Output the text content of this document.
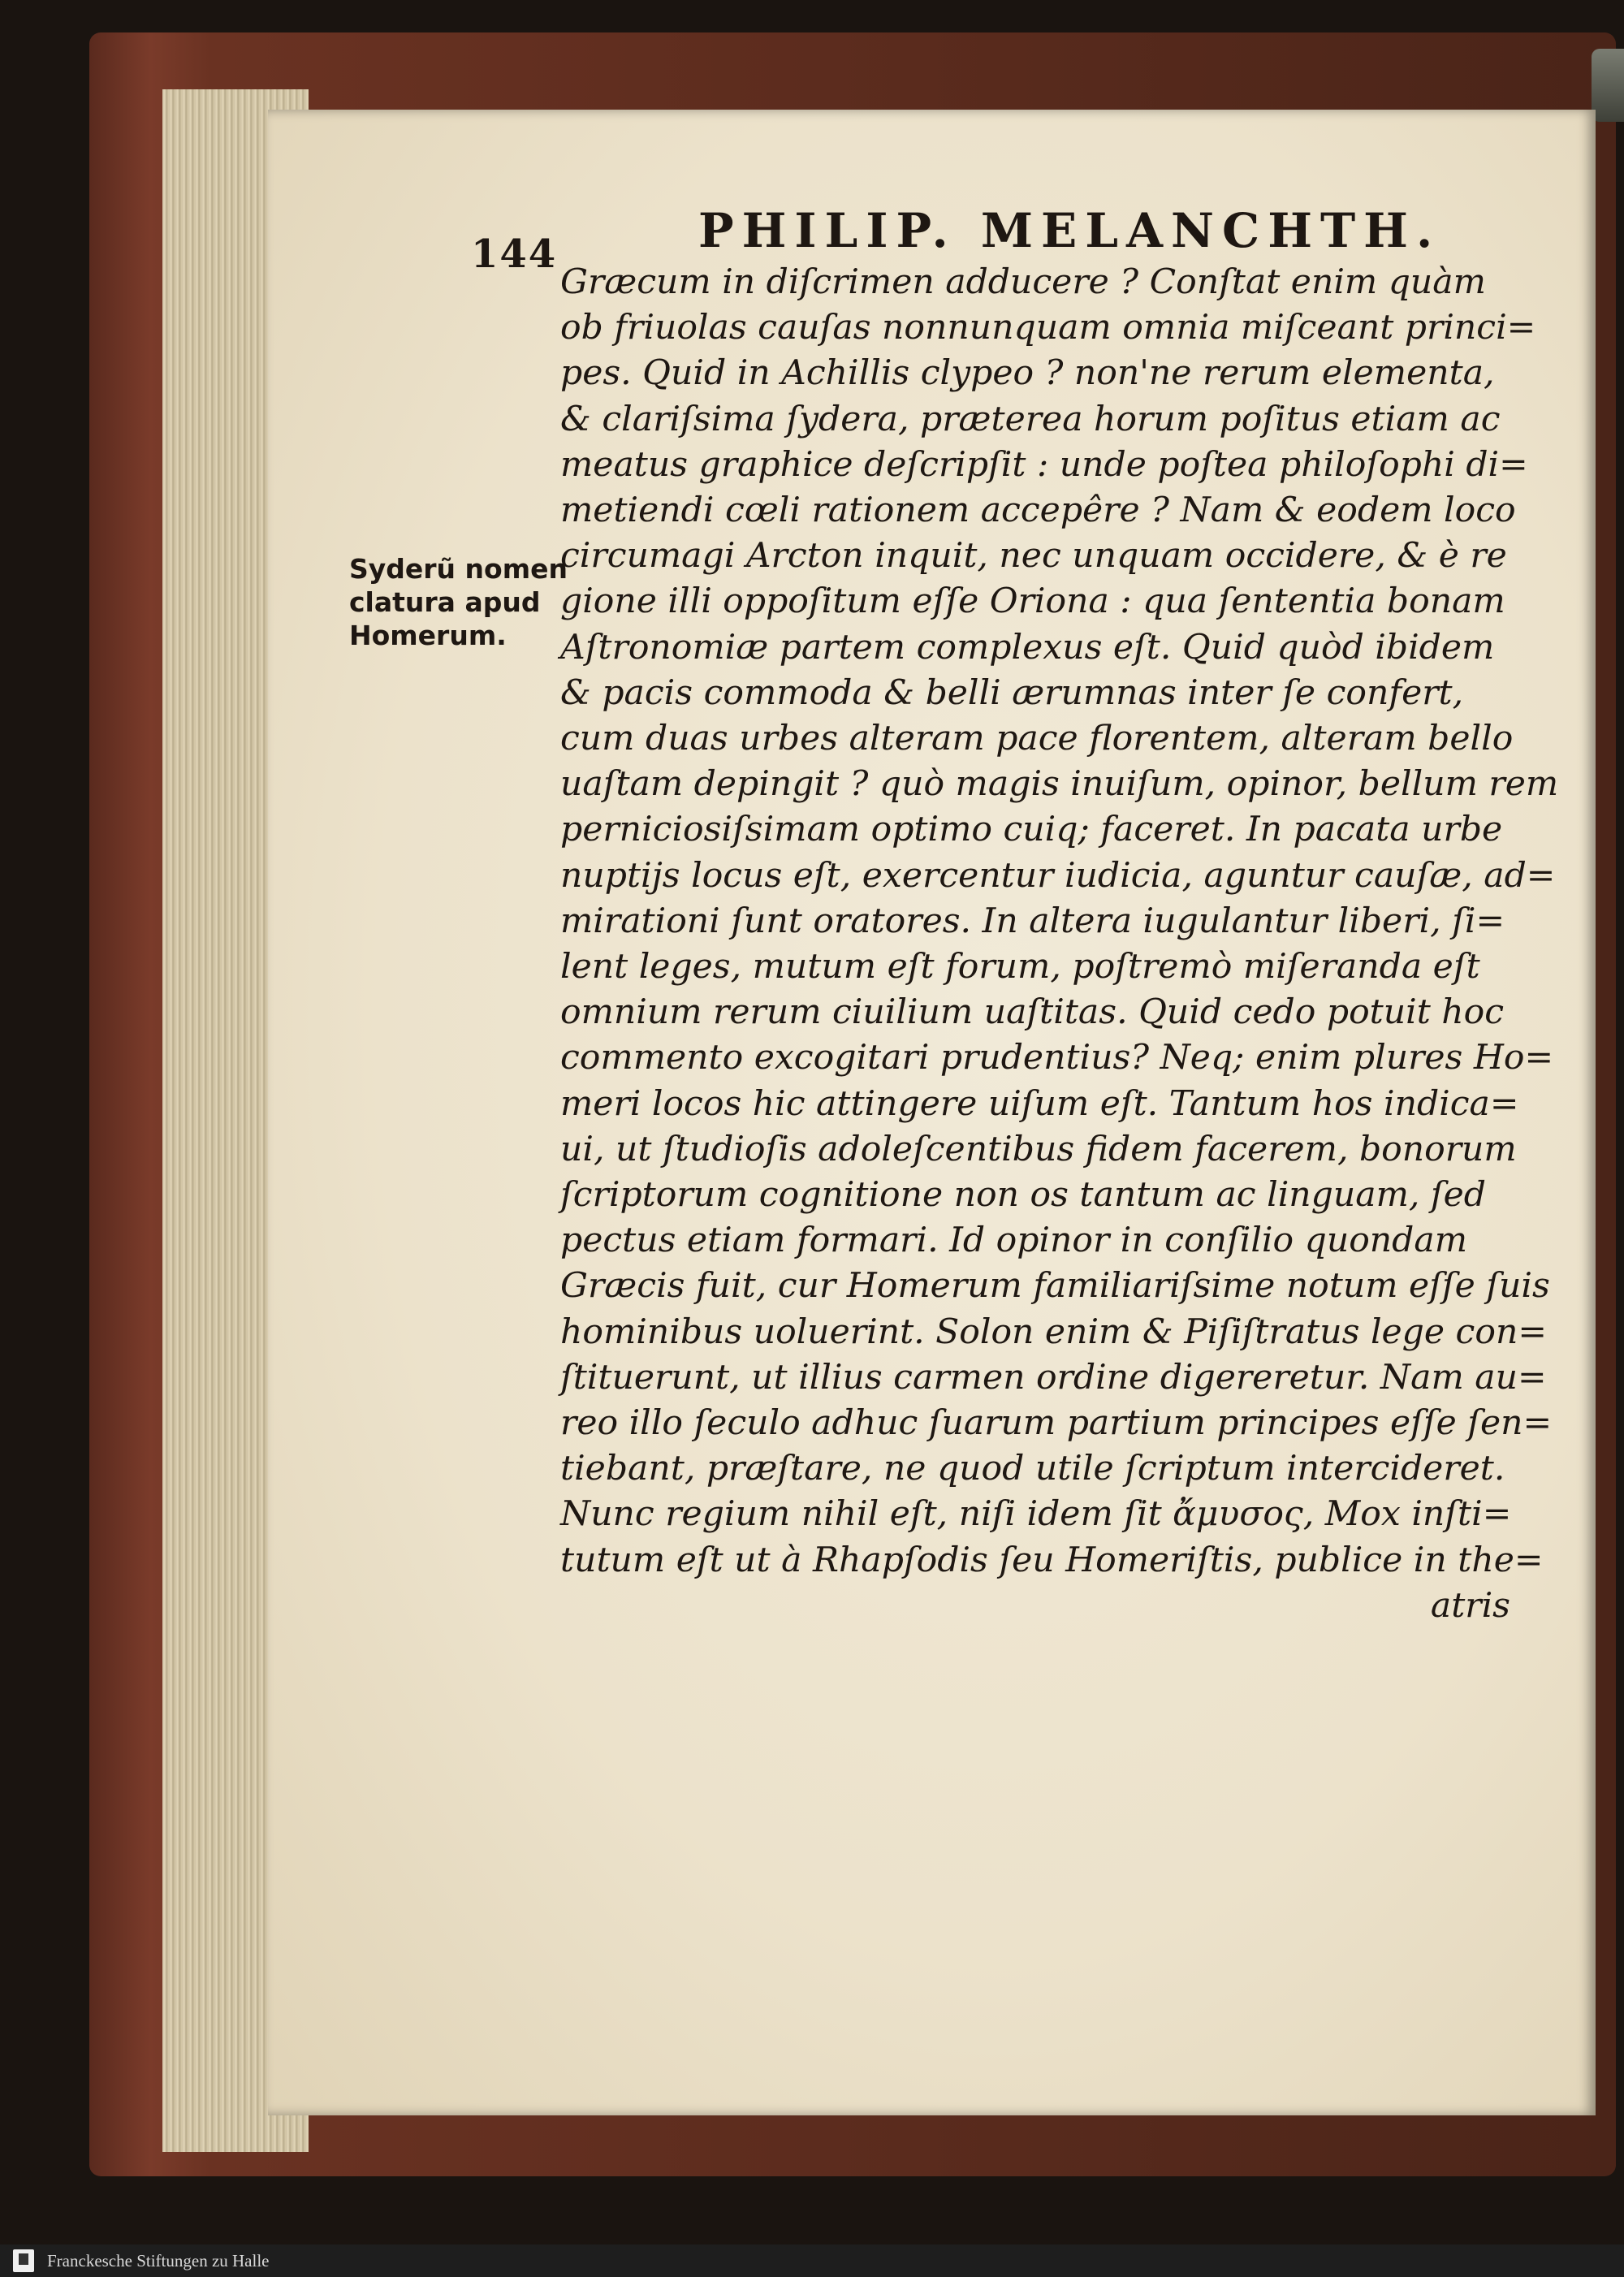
144	PHILIP. MELANCHTH.

Syderũ nomen
clatura apud
Homerum.
Græcum in diſcrimen adducere ? Conſtat enim quàm
ob friuolas cauſas nonnunquam omnia miſceant princi=
pes. Quid in Achillis clypeo ? non'ne rerum elementa,
& clariſsima ſydera, præterea horum poſitus etiam ac
meatus graphice deſcripſit : unde poſtea philoſophi di=
metiendi cœli rationem accepêre ? Nam & eodem loco
circumagi Arcton inquit, nec unquam occidere, & è re
gione illi oppoſitum eſſe Oriona : qua ſententia bonam
Aſtronomiæ partem complexus eſt. Quid quòd ibidem
& pacis commoda & belli ærumnas inter ſe confert,
cum duas urbes alteram pace florentem, alteram bello
uaſtam depingit ? quò magis inuiſum, opinor, bellum rem
perniciosiſsimam optimo cuiq; faceret. In pacata urbe
nuptijs locus eſt, exercentur iudicia, aguntur cauſæ, ad=
mirationi ſunt oratores. In altera iugulantur liberi, ſi=
lent leges, mutum eſt forum, poſtremò miſeranda eſt
omnium rerum ciuilium uaſtitas. Quid cedo potuit hoc
commento excogitari prudentius? Neq; enim plures Ho=
meri locos hic attingere uiſum eſt. Tantum hos indica=
ui, ut ſtudioſis adoleſcentibus fidem facerem, bonorum
ſcriptorum cognitione non os tantum ac linguam, ſed
pectus etiam formari. Id opinor in conſilio quondam
Græcis fuit, cur Homerum familiariſsime notum eſſe ſuis
hominibus uoluerint. Solon enim & Piſiſtratus lege con=
ſtituerunt, ut illius carmen ordine digereretur. Nam au=
reo illo ſeculo adhuc ſuarum partium principes eſſe ſen=
tiebant, præſtare, ne quod utile ſcriptum intercideret.
Nunc regium nihil eſt, niſi idem ſit ἄμυσος, Mox inſti=
tutum eſt ut à Rhapſodis ſeu Homeriſtis, publice in the=
atris
Franckesche Stiftungen zu Halle
